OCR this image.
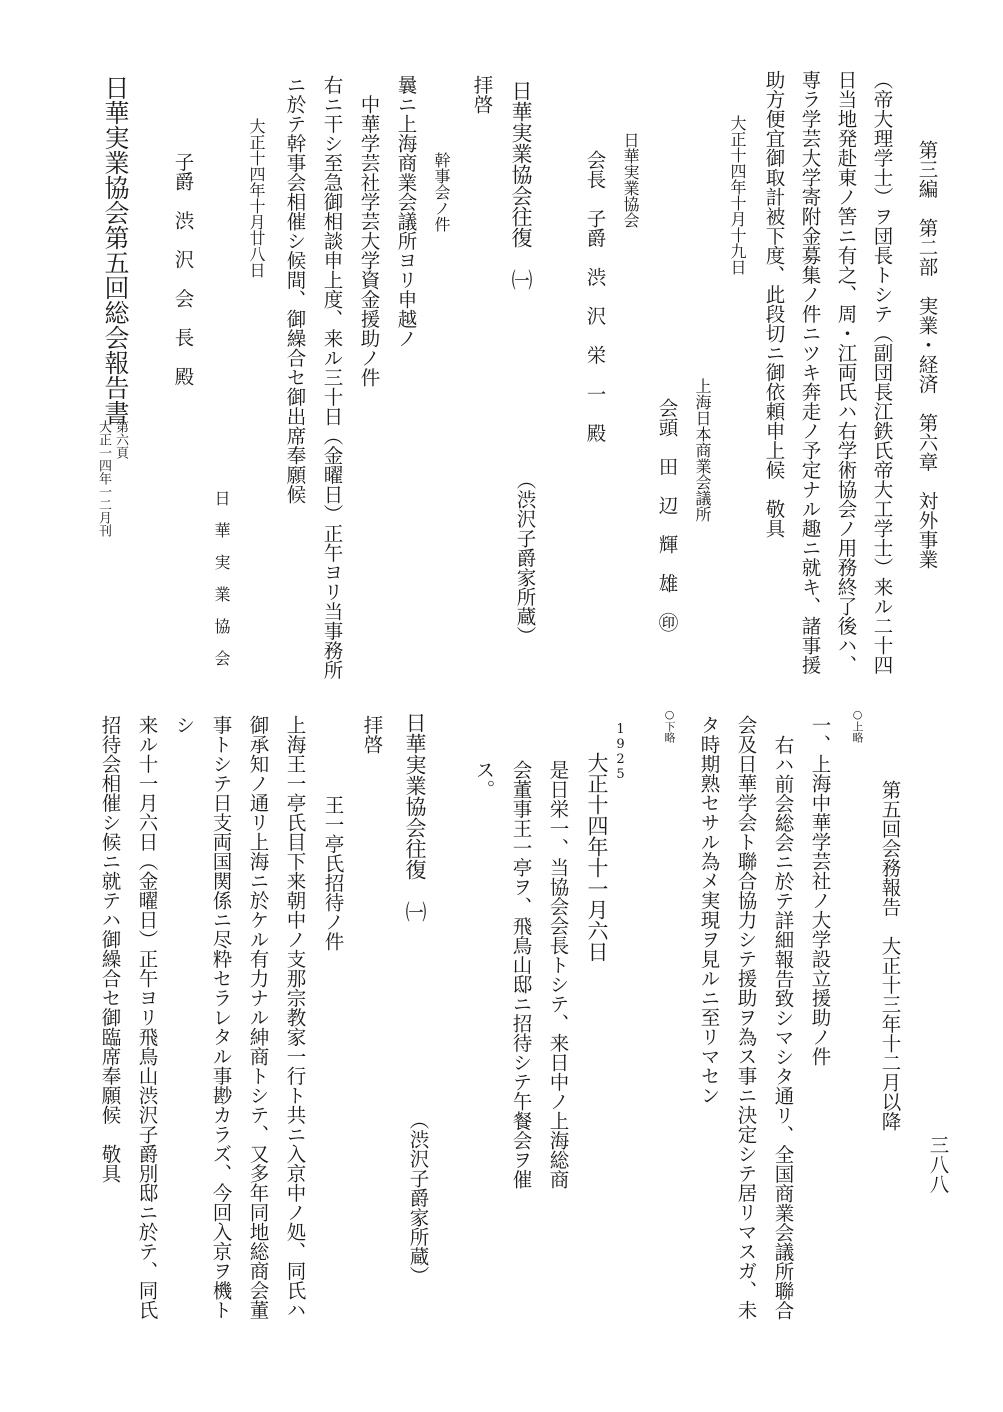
第三編　第二部　実業・経済　第六章　対外事業
三八八
（帝大理学士）ヲ団長トシテ（副団長江鉄氏帝大工学士）来ル二十四
日当地発赴東ノ筈ニ有之、周・江両氏ハ右学術協会ノ用務終了後ハ、
専ラ学芸大学寄附金募集ノ件ニツキ奔走ノ予定ナル趣ニ就キ、諸事援
助方便宜御取計被下度、此段切ニ御依頼申上候　敬具
大正十四年十月十九日
上海日本商業会議所
会頭　田　辺　輝　雄　㊞
日華実業協会
会長　子爵　渋　沢　栄　一　殿
（渋沢子爵家所蔵）
日華実業協会往復　㈠
拝啓
幹事会ノ件
曩ニ上海商業会議所ヨリ申越ノ
　中華学芸社学芸大学資金援助ノ件
右ニ干シ至急御相談申上度、来ル三十日（金曜日）正午ヨリ当事務所
ニ於テ幹事会相催シ候間、御繰合セ御出席奉願候
大正十四年十月廿八日
日　華　実　業　協　会
子爵　渋　沢　会　長　殿
日華実業協会第五回総会報告書
第六頁
大正一四年一二月刊
○上略
第五回会務報告　大正十三年十二月以降
一、上海中華学芸社ノ大学設立援助ノ件
右ハ前会総会ニ於テ詳細報告致シマシタ通リ、全国商業会議所聯合
会及日華学会ト聯合協力シテ援助ヲ為ス事ニ決定シテ居リマスガ、未
タ時期熟セサル為メ実現ヲ見ルニ至リマセン
○下略
1925
大正十四年十一月六日
是日栄一、当協会会長トシテ、来日中ノ上海総商
会董事王一亭ヲ、飛鳥山邸ニ招待シテ午餐会ヲ催
ス。
（渋沢子爵家所蔵）
日華実業協会往復　㈠
拝啓
王一亭氏招待ノ件
上海王一亭氏目下来朝中ノ支那宗教家一行ト共ニ入京中ノ処、同氏ハ
御承知ノ通リ上海ニ於ケル有力ナル紳商トシテ、又多年同地総商会董
事トシテ日支両国関係ニ尽粋セラレタル事尠カラズ、今回入京ヲ機ト
シ
来ル十一月六日（金曜日）正午ヨリ飛鳥山渋沢子爵別邸ニ於テ、同氏
招待会相催シ候ニ就テハ御繰合セ御臨席奉願候　敬具
